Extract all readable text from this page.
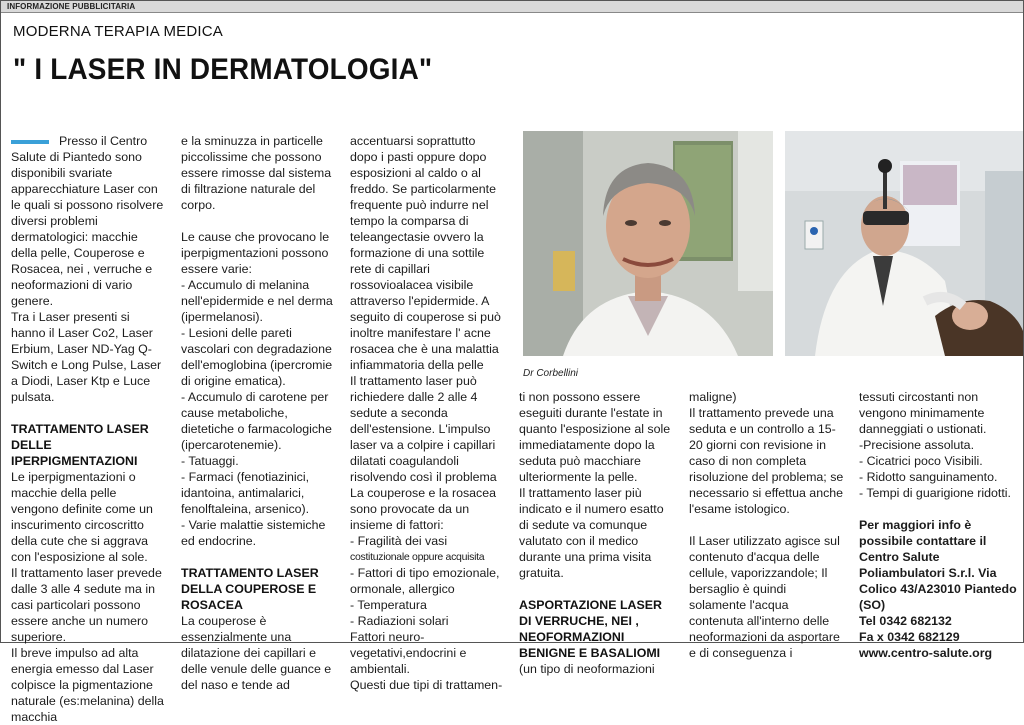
INFORMAZIONE PUBBLICITARIA
MODERNA TERAPIA MEDICA
" I LASER IN DERMATOLOGIA"

Presso il Centro Salute di Piantedo sono disponibili svariate apparecchiature Laser con le quali si possono risolvere diversi problemi dermatologici: macchie della pelle, Couperose e Rosacea, nei , verruche e neoformazioni di vario genere.

Tra i Laser presenti si hanno il Laser Co2, Laser Erbium, Laser ND-Yag Q-Switch e Long Pulse, Laser a Diodi, Laser Ktp e Luce pulsata.

TRATTAMENTO LASER DELLE IPERPIGMENTAZIONI

Le iperpigmentazioni o macchie della pelle vengono definite come un inscurimento circoscritto della cute che si aggrava con l'esposizione al sole.

Il trattamento laser prevede dalle 3 alle 4 sedute ma in casi particolari possono essere anche un numero superiore.

Il breve impulso ad alta energia emesso dal Laser colpisce la pigmentazione naturale (es:melanina) della macchia

e la sminuzza in particelle piccolissime che possono essere rimosse dal sistema di filtrazione naturale del corpo.

Le cause che provocano le iperpigmentazioni possono essere varie:

- Accumulo di melanina nell'epidermide e nel derma (ipermelanosi).

- Lesioni delle pareti vascolari con degradazione dell'emoglobina (ipercromie di origine ematica).

- Accumulo di carotene per cause metaboliche, dietetiche o farmacologiche (ipercarotenemie).

- Tatuaggi.

- Farmaci (fenotiazinici, idantoina, antimalarici, fenolftaleina, arsenico).

- Varie malattie sistemiche ed endocrine.

TRATTAMENTO LASER DELLA COUPEROSE E ROSACEA

La couperose è essenzialmente una dilatazione dei capillari e delle venule delle guance e del naso e tende ad

accentuarsi soprattutto dopo i pasti oppure dopo esposizioni al caldo o al freddo. Se particolarmente frequente può indurre nel tempo la comparsa di teleangectasie ovvero la formazione di una sottile rete di capillari rossovioalacea visibile attraverso l'epidermide. A seguito di couperose si può inoltre manifestare l' acne rosacea che è una malattia infiammatoria della pelle

Il trattamento laser può richiedere dalle 2 alle 4 sedute a seconda dell'estensione. L'impulso laser va a colpire i capillari dilatati coagulandoli risolvendo così il problema La couperose e la rosacea sono provocate da un insieme di fattori:

- Fragilità dei vasi

costituzionale oppure acquisita

- Fattori di tipo emozionale, ormonale, allergico

- Temperatura

- Radiazioni solari

Fattori neuro-vegetativi,endocrini e ambientali.

Questi due tipi di trattamen-

Dr Corbellini

ti non possono essere eseguiti durante l'estate in quanto l'esposizione al sole immediatamente dopo la seduta può macchiare ulteriormente la pelle.

Il trattamento laser più indicato e il numero esatto di sedute va comunque valutato con il medico durante una prima visita gratuita.

ASPORTAZIONE LASER DI VERRUCHE, NEI , NEOFORMAZIONI BENIGNE E BASALIOMI

(un tipo di neoformazioni

maligne)

Il trattamento prevede una seduta e un controllo a 15-20 giorni con revisione in caso di non completa risoluzione del problema; se necessario si effettua anche l'esame istologico.

Il Laser utilizzato agisce sul contenuto d'acqua delle cellule, vaporizzandole; Il bersaglio è quindi solamente l'acqua contenuta all'interno delle neoformazioni da asportare e di conseguenza i

tessuti circostanti non vengono minimamente danneggiati o ustionati.

-Precisione assoluta.

- Cicatrici poco Visibili.

- Ridotto sanguinamento.

- Tempi di guarigione ridotti.

Per maggiori info è possibile contattare il Centro Salute Poliambulatori S.r.l. Via Colico 43/A23010 Piantedo (SO)

Tel 0342 682132

Fa x 0342 682129

www.centro-salute.org
